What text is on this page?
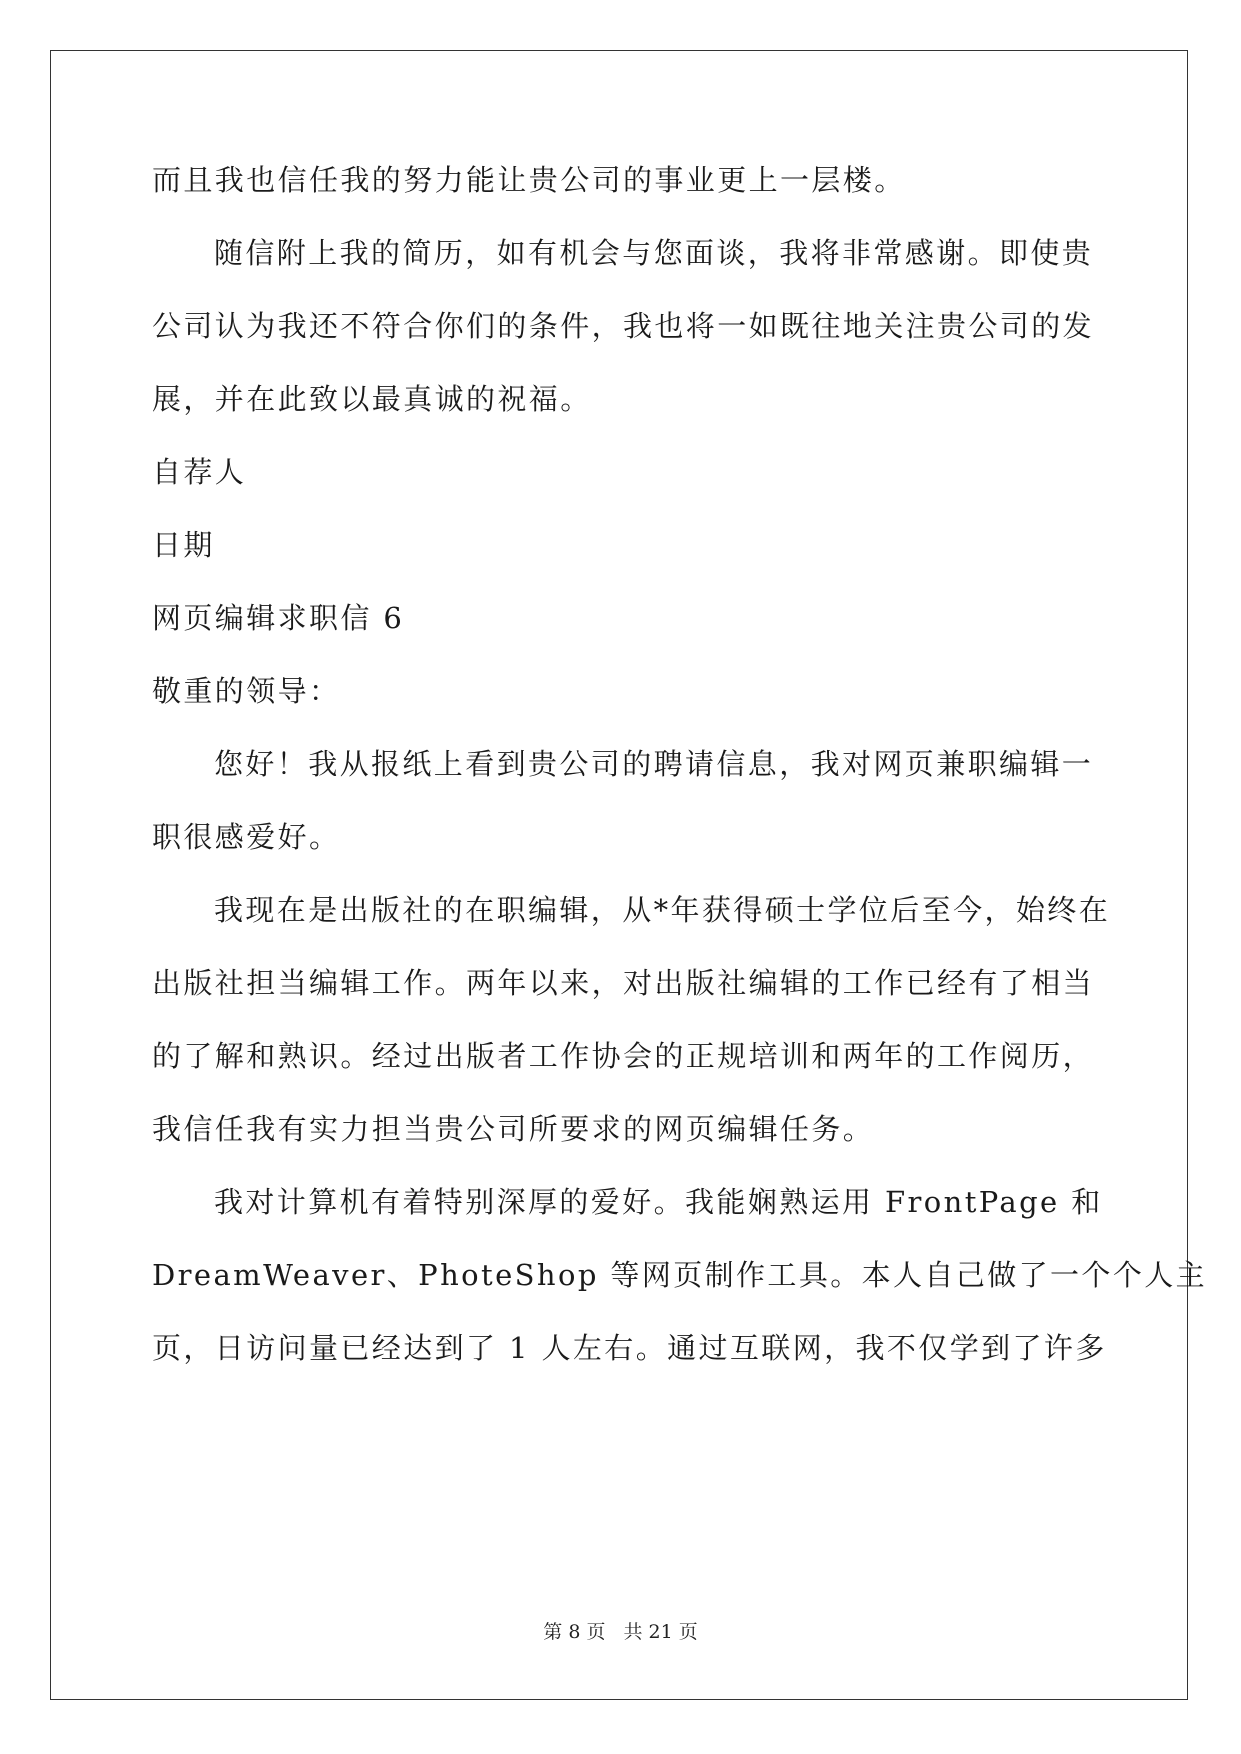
而且我也信任我的努力能让贵公司的事业更上一层楼。
随信附上我的简历，如有机会与您面谈，我将非常感谢。即使贵
公司认为我还不符合你们的条件，我也将一如既往地关注贵公司的发
展，并在此致以最真诚的祝福。
自荐人
日期
网页编辑求职信 6
敬重的领导：
您好！我从报纸上看到贵公司的聘请信息，我对网页兼职编辑一
职很感爱好。
我现在是出版社的在职编辑，从*年获得硕士学位后至今，始终在
出版社担当编辑工作。两年以来，对出版社编辑的工作已经有了相当
的了解和熟识。经过出版者工作协会的正规培训和两年的工作阅历，
我信任我有实力担当贵公司所要求的网页编辑任务。
我对计算机有着特别深厚的爱好。我能娴熟运用 FrontPage 和
DreamWeaver、PhoteShop 等网页制作工具。本人自己做了一个个人主
页，日访问量已经达到了 1 人左右。通过互联网，我不仅学到了许多
第 8 页 共 21 页
